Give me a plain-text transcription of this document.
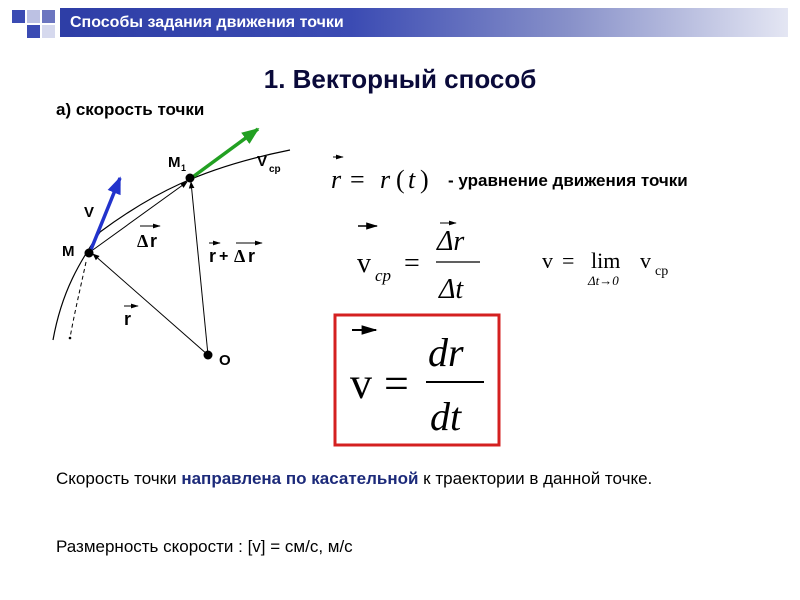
Способы задания движения точки
1. Векторный способ
а) скорость точки
M 1	V ср
V
M
Δ r
r + Δ r
r
O
r = r ( t ) - уравнение движения точки
v ср =
Δr
Δt
v = lim
Δt→0
v ср
v =
dr
dt
Скорость точки направлена по касательной к траектории в данной точке.
Размерность скорости : [v] = см/с, м/с
